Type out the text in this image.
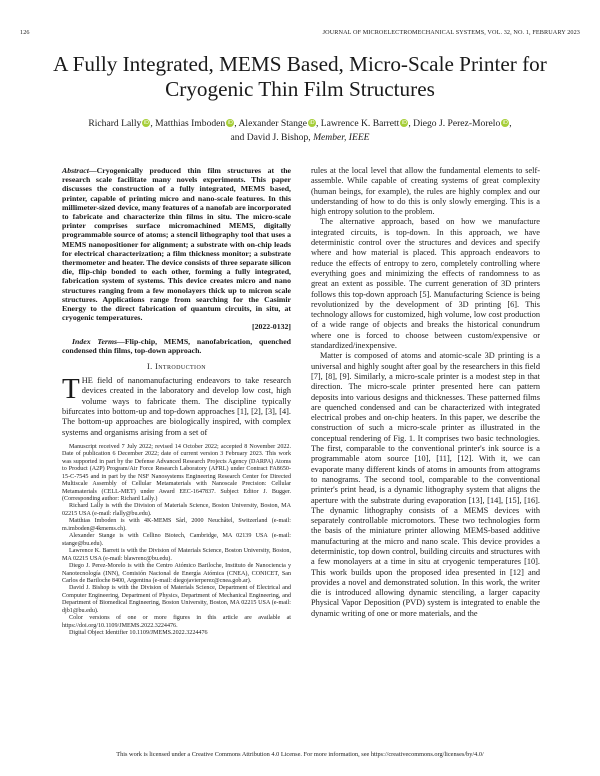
126	JOURNAL OF MICROELECTROMECHANICAL SYSTEMS, VOL. 32, NO. 1, FEBRUARY 2023
A Fully Integrated, MEMS Based, Micro-Scale Printer for Cryogenic Thin Film Structures
Richard Lally iD, Matthias Imboden iD, Alexander Stange iD, Lawrence K. Barrett iD, Diego J. Perez-Morelo iD,
and David J. Bishop, Member, IEEE

Abstract—Cryogenically produced thin film structures at the research scale facilitate many novels experiments. This paper discusses the construction of a fully integrated, MEMS based, printer, capable of printing micro and nano-scale features. In this millimeter-sized device, many features of a nanofab are incorporated to fabricate and characterize thin films in situ. The micro-scale printer comprises surface micromachined MEMS, digitally programmable source of atoms; a stencil lithography tool that uses a MEMS nanopositioner for alignment; a substrate with on-chip leads for electrical characterization; a film thickness monitor; a substrate thermometer and heater. The device consists of three separate silicon die, flip-chip bonded to each other, forming a fully integrated, fabrication system of systems. This device creates micro and nano structures ranging from a few monolayers thick up to micron scale structures. Applications range from searching for the Casimir Energy to the direct fabrication of quantum circuits, in situ, at cryogenic temperatures.
[2022-0132]

Index Terms—Flip-chip, MEMS, nanofabrication, quenched condensed thin films, top-down approach.

I. Introduction

THE field of nanomanufacturing endeavors to take research devices created in the laboratory and develop low cost, high volume ways to fabricate them. The discipline typically bifurcates into bottom-up and top-down approaches [1], [2], [3], [4]. The bottom-up approaches are biologically inspired, with complex systems and organisms arising from a set of

Manuscript received 7 July 2022; revised 14 October 2022; accepted 8 November 2022. Date of publication 6 December 2022; date of current version 3 February 2023. This work was supported in part by the Defense Advanced Research Projects Agency (DARPA) Atoms to Product (A2P) Program/Air Force Research Laboratory (AFRL) under Contract FA8650-15-C-7545 and in part by the NSF Nanosystems Engineering Research Center for Directed Multiscale Assembly of Cellular Metamaterials with Nanoscale Precision: Cellular Metamaterials (CELL-MET) under Award EEC-1647837. Subject Editor J. Bugger. (Corresponding author: Richard Lally.)

Richard Lally is with the Division of Materials Science, Boston University, Boston, MA 02215 USA (e-mail: rlally@bu.edu).

Matthias Imboden is with 4K-MEMS Sàrl, 2000 Neuchâtel, Switzerland (e-mail: m.imboden@4kmems.ch).

Alexander Stange is with Cellino Biotech, Cambridge, MA 02139 USA (e-mail: stange@bu.edu).

Lawrence K. Barrett is with the Division of Materials Science, Boston University, Boston, MA 02215 USA (e-mail: blawrenc@bu.edu).

Diego J. Perez-Morelo is with the Centro Atómico Bariloche, Instituto de Nanociencia y Nanotecnología (INN), Comisión Nacional de Energía Atómica (CNEA), CONICET, San Carlos de Bariloche 8400, Argentina (e-mail: diegojavierperez@cnea.gob.ar).

David J. Bishop is with the Division of Materials Science, Department of Electrical and Computer Engineering, Department of Physics, Department of Mechanical Engineering, and Department of Biomedical Engineering, Boston University, Boston, MA 02215 USA (e-mail: djb1@bu.edu).

Color versions of one or more figures in this article are available at https://doi.org/10.1109/JMEMS.2022.3224476.

Digital Object Identifier 10.1109/JMEMS.2022.3224476

rules at the local level that allow the fundamental elements to self-assemble. While capable of creating systems of great complexity (human beings, for example), the rules are highly complex and our understanding of how to do this is only slowly emerging. This is a high entropy solution to the problem.

The alternative approach, based on how we manufacture integrated circuits, is top-down. In this approach, we have deterministic control over the structures and devices and specify where and how material is placed. This approach endeavors to reduce the effects of entropy to zero, completely controlling where everything goes and minimizing the effects of randomness to as great an extent as possible. The current generation of 3D printers follows this top-down approach [5]. Manufacturing Science is being revolutionized by the development of 3D printing [6]. This technology allows for customized, high volume, low cost production of a wide range of objects and breaks the historical conundrum where one is forced to choose between custom/expensive or standardized/inexpensive.

Matter is composed of atoms and atomic-scale 3D printing is a universal and highly sought after goal by the researchers in this field [7], [8], [9]. Similarly, a micro-scale printer is a modest step in that direction. The micro-scale printer presented here can pattern deposits into various designs and thicknesses. These patterned films are quenched condensed and can be characterized with integrated electrical probes and on-chip heaters. In this paper, we describe the construction of such a micro-scale printer as illustrated in the conceptual rendering of Fig. 1. It comprises two basic technologies. The first, comparable to the conventional printer's ink source is a programmable atom source [10], [11], [12]. With it, we can evaporate many different kinds of atoms in amounts from attograms to nanograms. The second tool, comparable to the conventional printer's print head, is a dynamic lithography system that aligns the aperture with the substrate during evaporation [13], [14], [15], [16]. The dynamic lithography consists of a MEMS devices with separately controllable micromotors. These two technologies form the basis of the miniature printer allowing MEMS-based additive manufacturing at the micro and nano scale. This device provides a deterministic, top down control, building circuits and structures with a few monolayers at a time in situ at cryogenic temperatures [10]. This work builds upon the proposed idea presented in [12] and provides a novel and demonstrated solution. In this work, the writer die is introduced allowing dynamic stenciling, a larger capacity Physical Vapor Deposition (PVD) system is integrated to enable the dynamic writing of one or more materials, and the

This work is licensed under a Creative Commons Attribution 4.0 License. For more information, see https://creativecommons.org/licenses/by/4.0/
